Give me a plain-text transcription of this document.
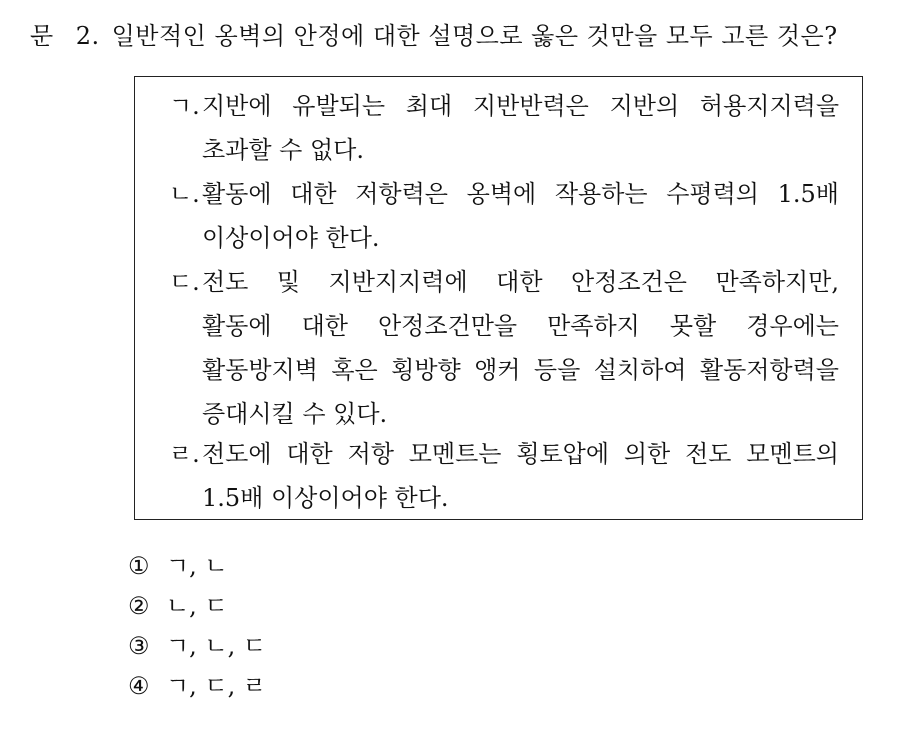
문 2. 일반적인 옹벽의 안정에 대한 설명으로 옳은 것만을 모두 고른 것은?
ㄱ.지반에 유발되는 최대 지반반력은 지반의 허용지지력을
초과할 수 없다.
ㄴ.활동에 대한 저항력은 옹벽에 작용하는 수평력의 1.5배
이상이어야 한다.
ㄷ.전도 및 지반지지력에 대한 안정조건은 만족하지만,
활동에 대한 안정조건만을 만족하지 못할 경우에는
활동방지벽 혹은 횡방향 앵커 등을 설치하여 활동저항력을
증대시킬 수 있다.
ㄹ.전도에 대한 저항 모멘트는 횡토압에 의한 전도 모멘트의
1.5배 이상이어야 한다.
① ㄱ, ㄴ
② ㄴ, ㄷ
③ ㄱ, ㄴ, ㄷ
④ ㄱ, ㄷ, ㄹ
